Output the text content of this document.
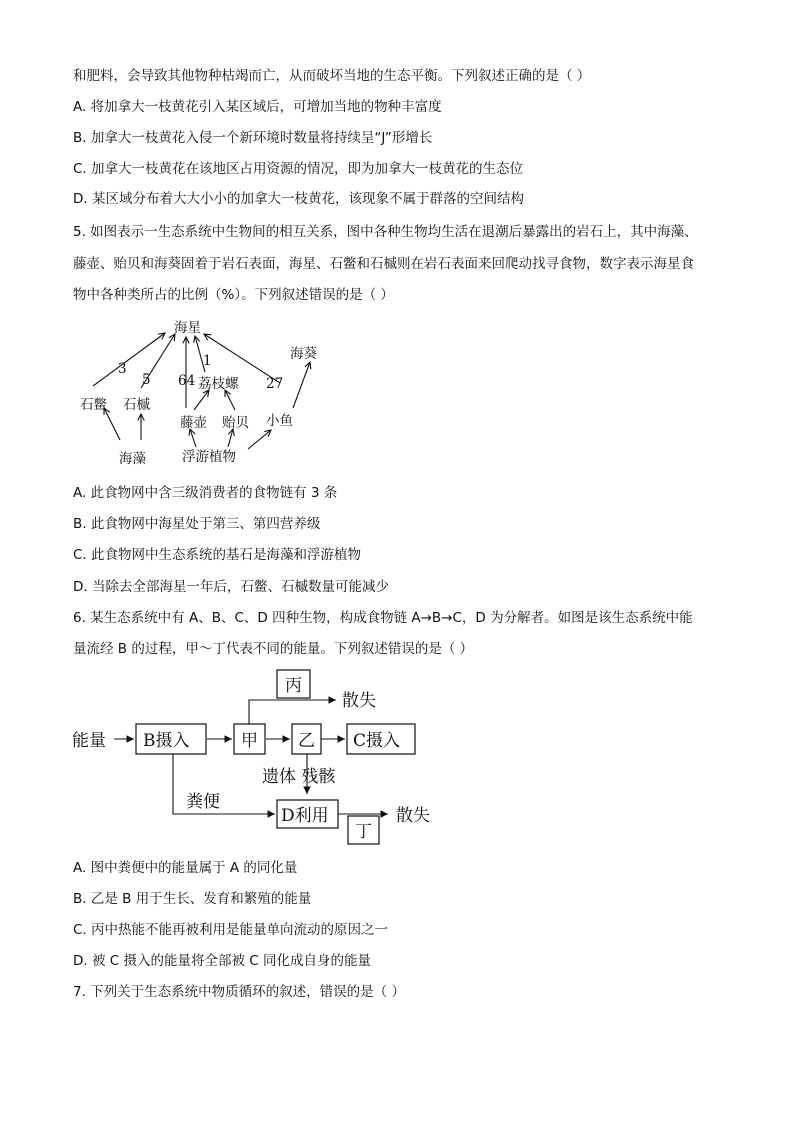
和肥料，会导致其他物种枯竭而亡，从而破坏当地的生态平衡。下列叙述正确的是（ ）
A. 将加拿大一枝黄花引入某区域后，可增加当地的物种丰富度
B. 加拿大一枝黄花入侵一个新环境时数量将持续呈“J”形增长
C. 加拿大一枝黄花在该地区占用资源的情况，即为加拿大一枝黄花的生态位
D. 某区域分布着大大小小的加拿大一枝黄花，该现象不属于群落的空间结构
5. 如图表示一生态系统中生物间的相互关系，图中各种生物均生活在退潮后暴露出的岩石上，其中海藻、
藤壶、贻贝和海葵固着于岩石表面，海星、石鳖和石槭则在岩石表面来回爬动找寻食物，数字表示海星食
物中各种类所占的比例（%）。下列叙述错误的是（ ）
海星
海葵
石鳖 石槭
荔枝螺
藤壶 贻贝 小鱼
海藻	浮游植物
3
5
1
64	27
A. 此食物网中含三级消费者的食物链有 3 条
B. 此食物网中海星处于第三、第四营养级
C. 此食物网中生态系统的基石是海藻和浮游植物
D. 当除去全部海星一年后，石鳖、石槭数量可能减少
6. 某生态系统中有 A、B、C、D 四种生物，构成食物链 A→B→C，D 为分解者。如图是该生态系统中能
量流经 B 的过程，甲～丁代表不同的能量。下列叙述错误的是（ ）
能量 B摄入	甲 乙 C摄入
丙
散失
遗体 残骸
粪便
D利用	散失
丁
A. 图中粪便中的能量属于 A 的同化量
B. 乙是 B 用于生长、发育和繁殖的能量
C. 丙中热能不能再被利用是能量单向流动的原因之一
D. 被 C 摄入的能量将全部被 C 同化成自身的能量
7. 下列关于生态系统中物质循环的叙述，错误的是（ ）
